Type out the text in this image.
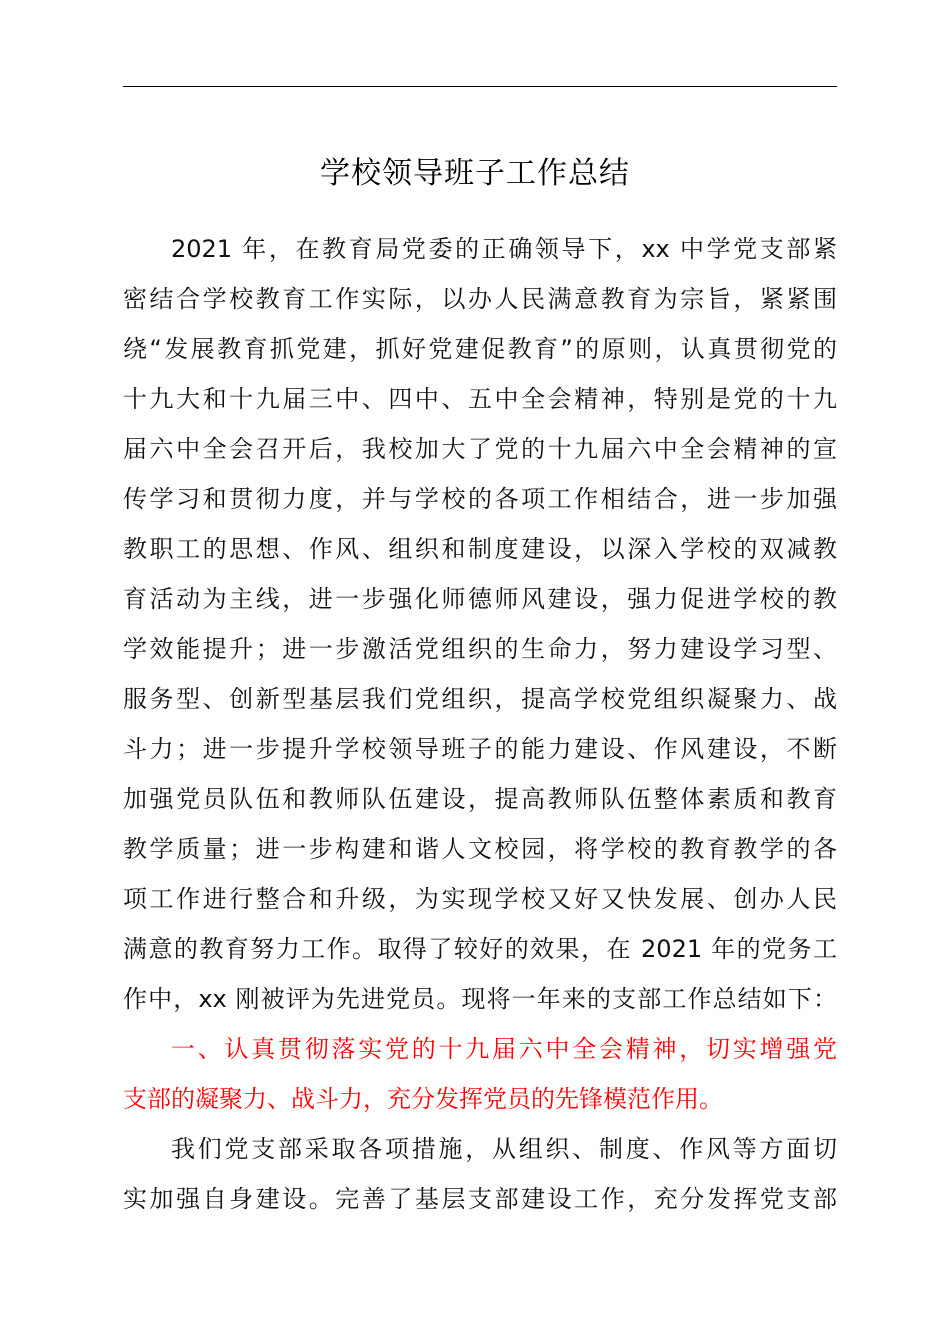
学校领导班子工作总结
2021 年，在教育局党委的正确领导下，xx 中学党支部紧
密结合学校教育工作实际，以办人民满意教育为宗旨，紧紧围
绕“发展教育抓党建，抓好党建促教育”的原则，认真贯彻党的
十九大和十九届三中、四中、五中全会精神，特别是党的十九
届六中全会召开后，我校加大了党的十九届六中全会精神的宣
传学习和贯彻力度，并与学校的各项工作相结合，进一步加强
教职工的思想、作风、组织和制度建设，以深入学校的双减教
育活动为主线，进一步强化师德师风建设，强力促进学校的教
学效能提升；进一步激活党组织的生命力，努力建设学习型、
服务型、创新型基层我们党组织，提高学校党组织凝聚力、战
斗力；进一步提升学校领导班子的能力建设、作风建设，不断
加强党员队伍和教师队伍建设，提高教师队伍整体素质和教育
教学质量；进一步构建和谐人文校园，将学校的教育教学的各
项工作进行整合和升级，为实现学校又好又快发展、创办人民
满意的教育努力工作。取得了较好的效果，在 2021 年的党务工
作中，xx 刚被评为先进党员。现将一年来的支部工作总结如下：
一、认真贯彻落实党的十九届六中全会精神，切实增强党
支部的凝聚力、战斗力，充分发挥党员的先锋模范作用。
我们党支部采取各项措施，从组织、制度、作风等方面切
实加强自身建设。完善了基层支部建设工作，充分发挥党支部
